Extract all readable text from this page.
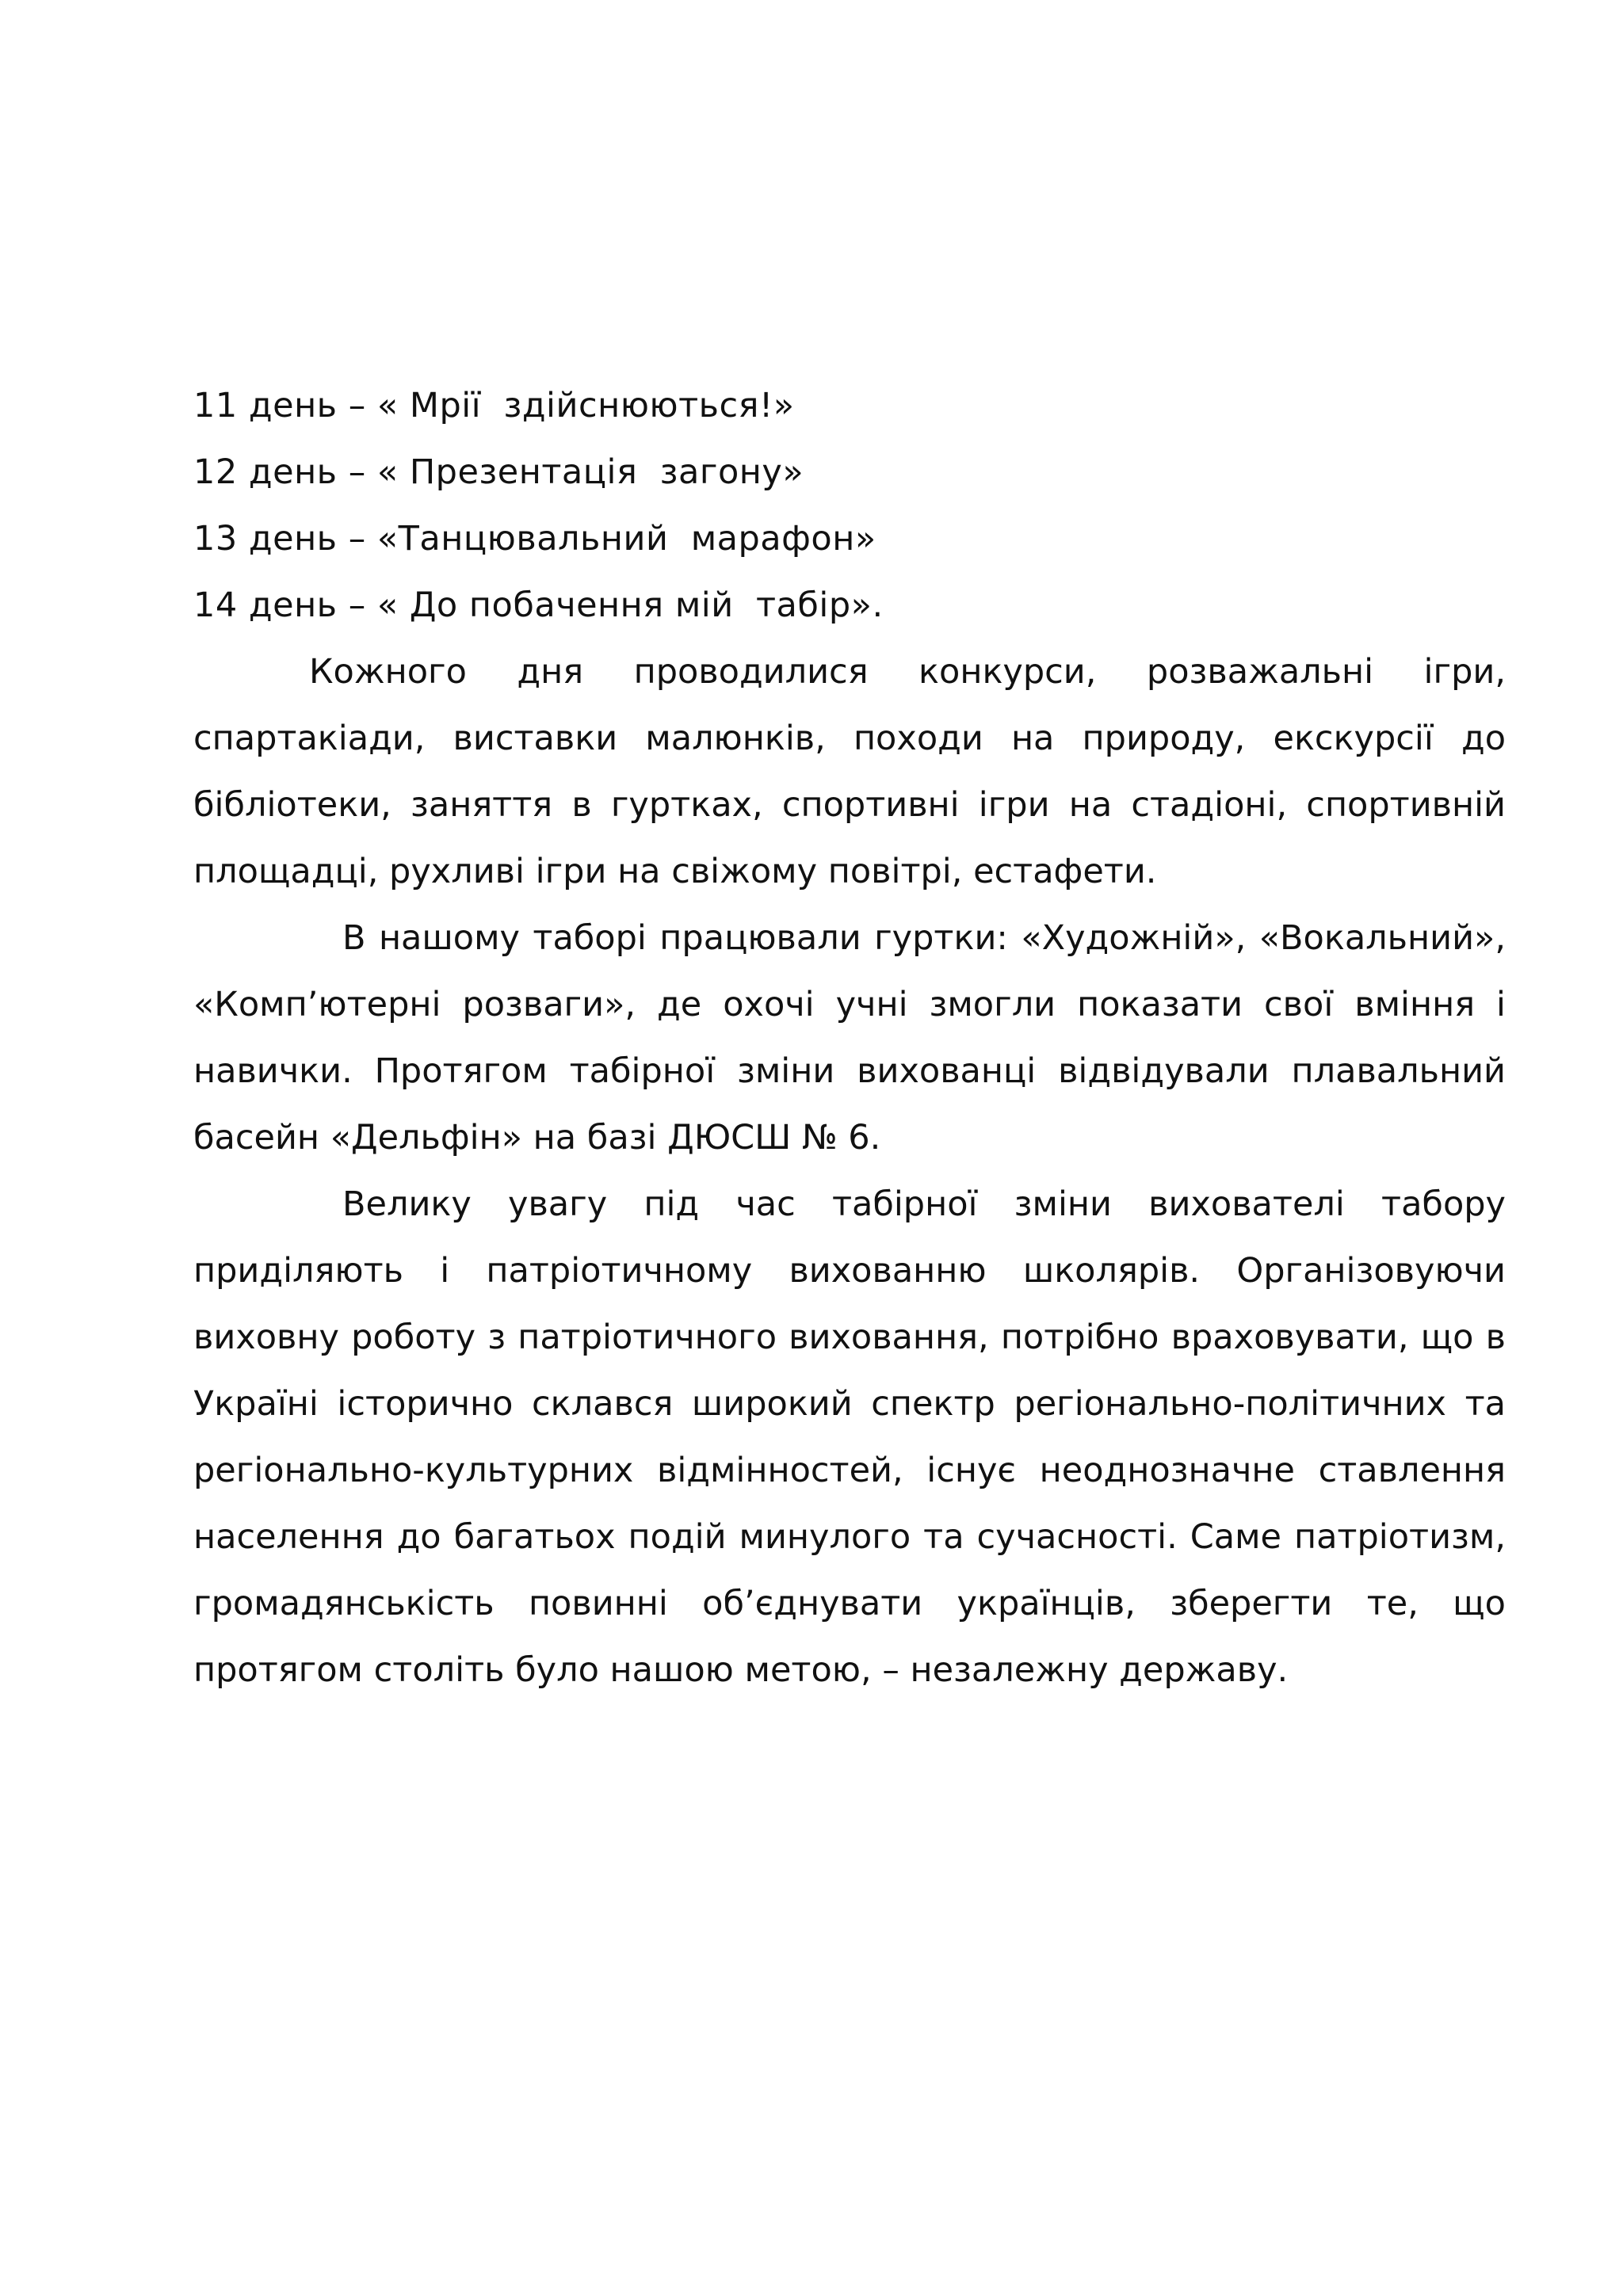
11 день – « Мрії  здійснюються!»
12 день – « Презентація  загону»
13 день – «Танцювальний  марафон»
14 день – « До побачення мій  табір».

Кожного дня проводилися конкурси, розважальні ігри, спартакіади, виставки малюнків, походи на природу, екскурсії до бібліотеки, заняття в гуртках, спортивні ігри на стадіоні, спортивній площадці, рухливі ігри на свіжому повітрі, естафети.

В нашому таборі працювали гуртки: «Художній», «Вокальний», «Комп’ютерні розваги», де охочі учні змогли показати свої вміння і навички. Протягом табірної зміни вихованці відвідували плавальний басейн «Дельфін» на базі ДЮСШ № 6.

Велику увагу під час табірної зміни вихователі табору приділяють і патріотичному вихованню школярів. Організовуючи виховну роботу з патріотичного виховання, потрібно враховувати, що в Україні історично склався широкий спектр регіонально-політичних та регіонально-культурних відмінностей, існує неоднозначне ставлення населення до багатьох подій минулого та сучасності. Саме патріотизм, громадянськість повинні об’єднувати українців, зберегти те, що протягом століть було нашою метою, – незалежну державу.
